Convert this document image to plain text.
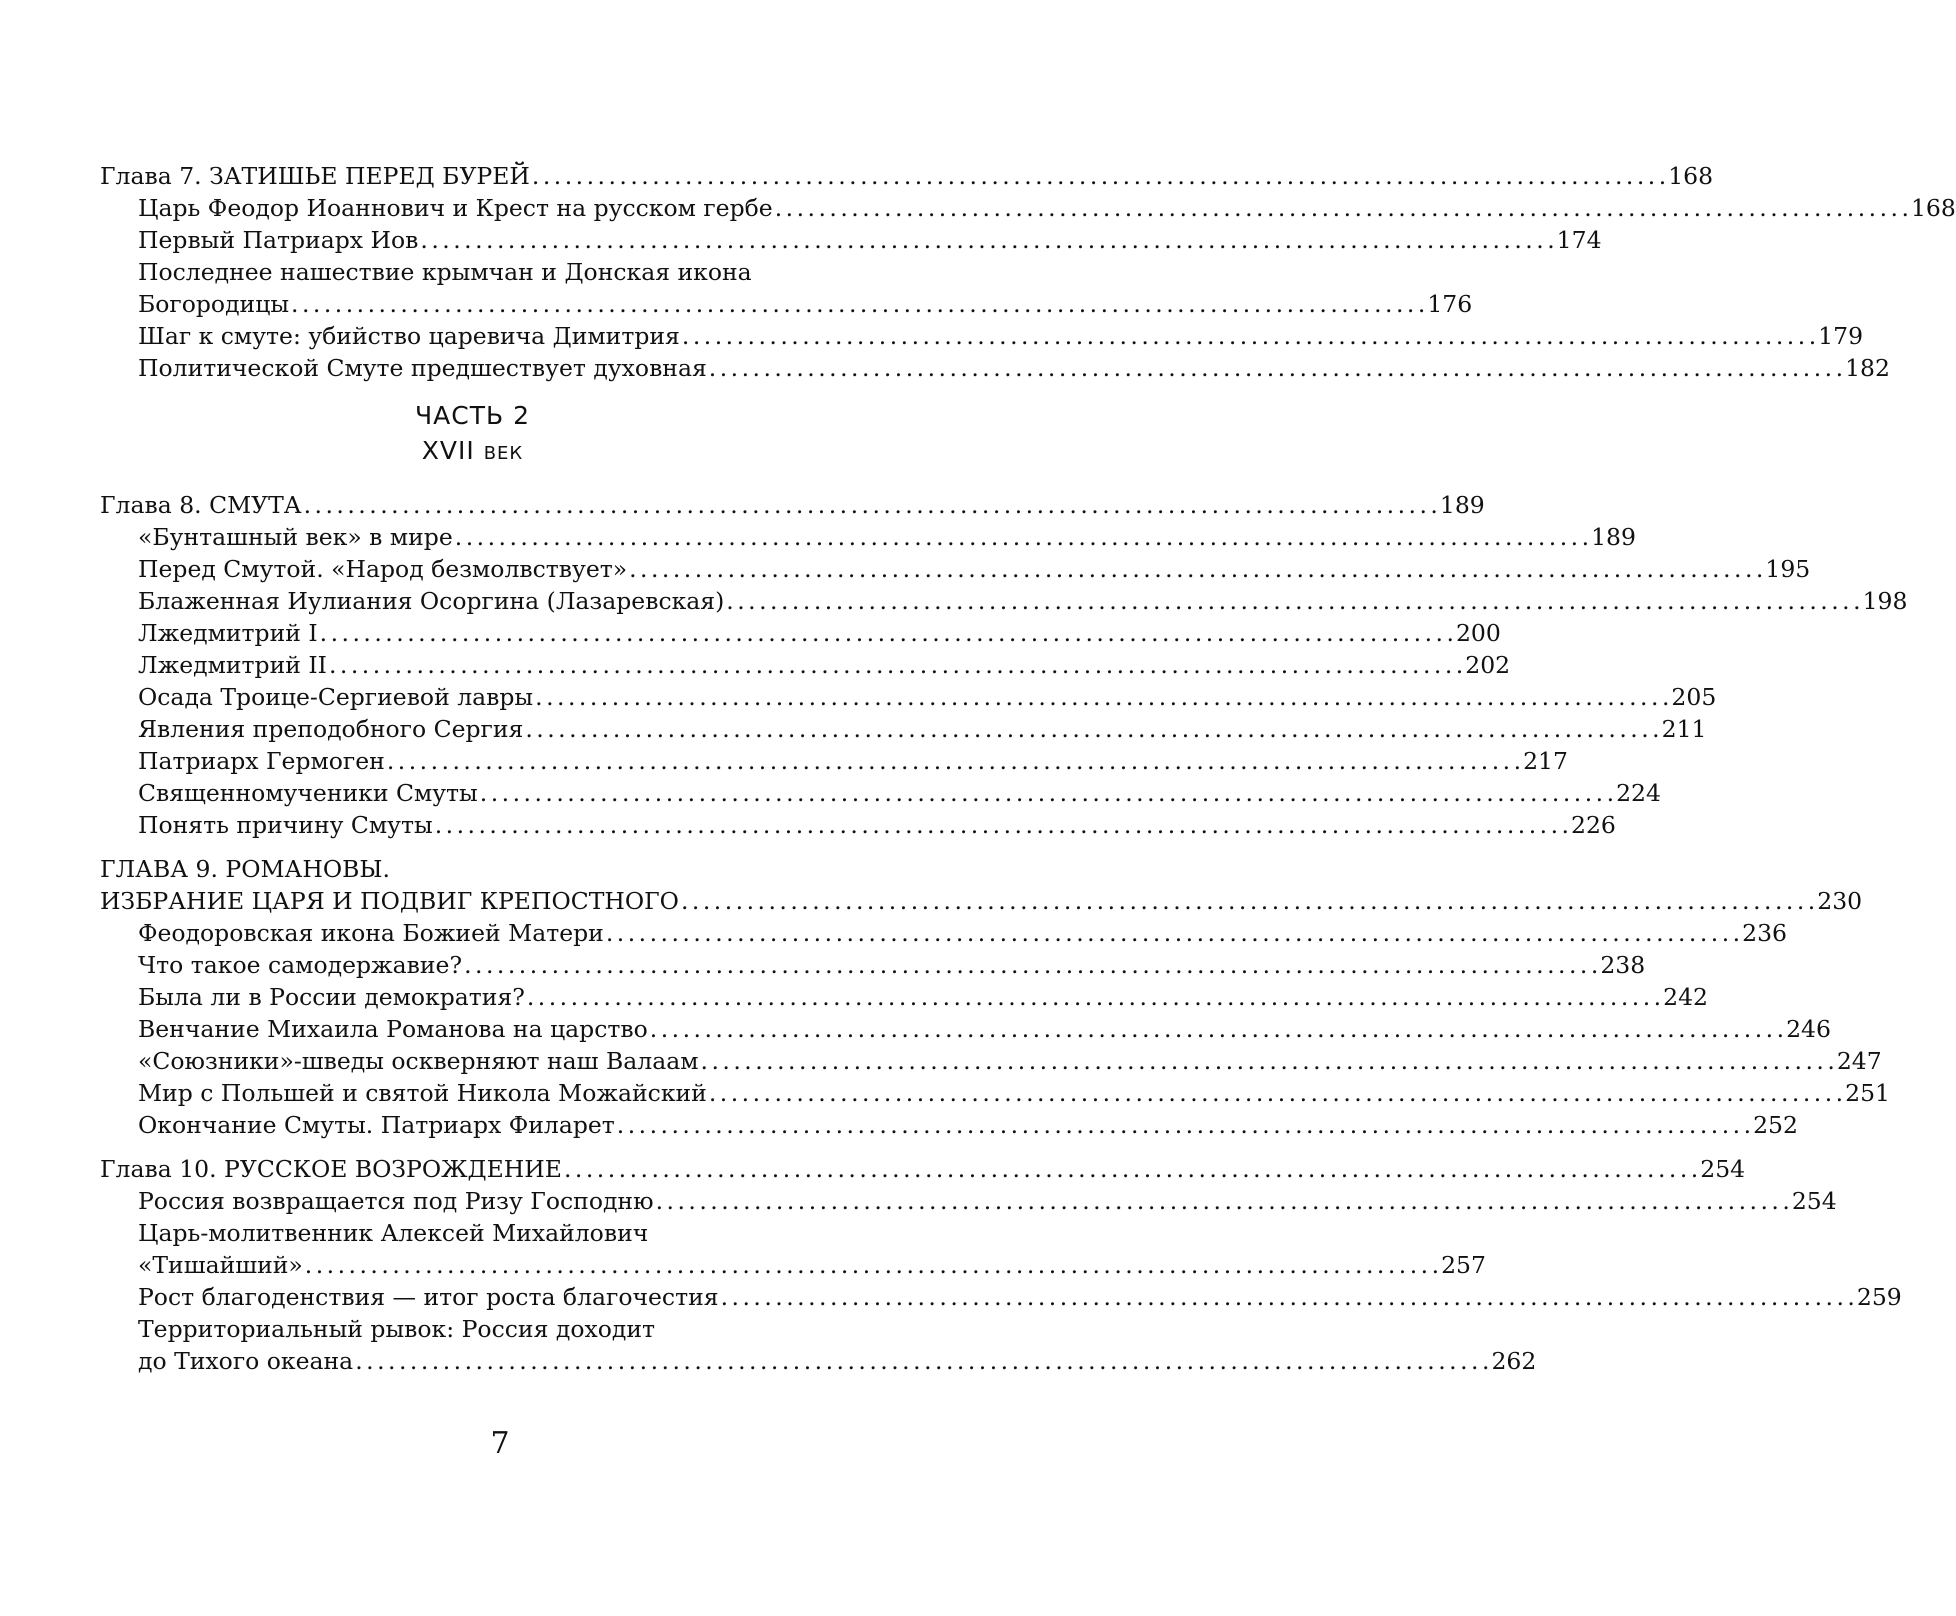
Глава 7. ЗАТИШЬЕ ПЕРЕД БУРЕЙ . . .	168
Царь Феодор Иоаннович и Крест на русском гербе . . .	168
Первый Патриарх Иов . . .	174
Последнее нашествие крымчан и Донская икона
Богородицы . . .	176
Шаг к смуте: убийство царевича Димитрия . . .	179
Политической Смуте предшествует духовная . . .	182
ЧАСТЬ 2
XVII ВЕК
Глава 8. СМУТА . . .	189
«Бунташный век» в мире . . .	189
Перед Смутой. «Народ безмолвствует» . . .	195
Блаженная Иулиания Осоргина (Лазаревская) . . .	198
Лжедмитрий I . . .	200
Лжедмитрий II . . .	202
Осада Троице-Сергиевой лавры . . .	205
Явления преподобного Сергия . . .	211
Патриарх Гермоген . . .	217
Священномученики Смуты . . .	224
Понять причину Смуты . . .	226
ГЛАВА 9. РОМАНОВЫ.
ИЗБРАНИЕ ЦАРЯ И ПОДВИГ КРЕПОСТНОГО . . .	230
Феодоровская икона Божией Матери . . .	236
Что такое самодержавие? . . .	238
Была ли в России демократия? . . .	242
Венчание Михаила Романова на царство . . .	246
«Союзники»-шведы оскверняют наш Валаам . . .	247
Мир с Польшей и святой Никола Можайский . . .	251
Окончание Смуты. Патриарх Филарет . . .	252
Глава 10. РУССКОЕ ВОЗРОЖДЕНИЕ . . .	254
Россия возвращается под Ризу Господню . . .	254
Царь-молитвенник Алексей Михайлович
«Тишайший» . . .	257
Рост благоденствия — итог роста благочестия . . .	259
Территориальный рывок: Россия доходит
до Тихого океана . . .	262
7
